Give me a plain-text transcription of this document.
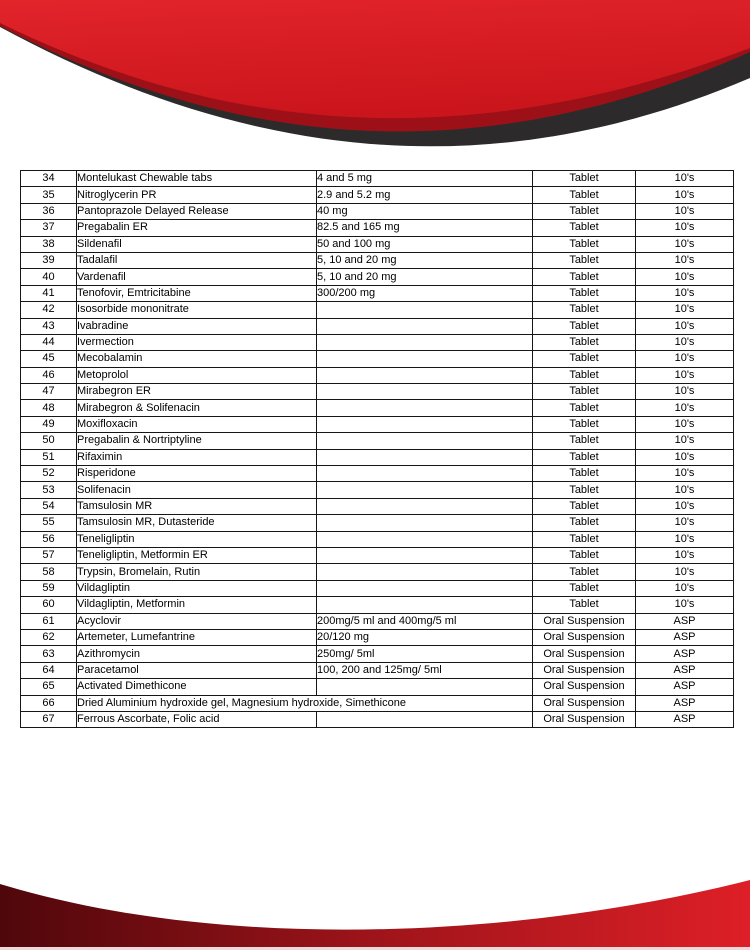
34	Montelukast Chewable tabs	4 and 5 mg	Tablet	10's
35	Nitroglycerin PR	2.9 and 5.2 mg	Tablet	10's
36	Pantoprazole Delayed Release	40 mg	Tablet	10's
37	Pregabalin ER	82.5 and 165 mg	Tablet	10's
38	Sildenafil	50 and 100 mg	Tablet	10's
39	Tadalafil	5, 10 and 20 mg	Tablet	10's
40	Vardenafil	5, 10 and 20 mg	Tablet	10's
41	Tenofovir, Emtricitabine	300/200 mg	Tablet	10's
42	Isosorbide mononitrate		Tablet	10's
43	Ivabradine		Tablet	10's
44	Ivermection		Tablet	10's
45	Mecobalamin		Tablet	10's
46	Metoprolol		Tablet	10's
47	Mirabegron ER		Tablet	10's
48	Mirabegron & Solifenacin		Tablet	10's
49	Moxifloxacin		Tablet	10's
50	Pregabalin & Nortriptyline		Tablet	10's
51	Rifaximin		Tablet	10's
52	Risperidone		Tablet	10's
53	Solifenacin		Tablet	10's
54	Tamsulosin MR		Tablet	10's
55	Tamsulosin MR, Dutasteride		Tablet	10's
56	Teneligliptin		Tablet	10's
57	Teneligliptin, Metformin ER		Tablet	10's
58	Trypsin, Bromelain, Rutin		Tablet	10's
59	Vildagliptin		Tablet	10's
60	Vildagliptin, Metformin		Tablet	10's
61	Acyclovir	200mg/5 ml and 400mg/5 ml	Oral Suspension	ASP
62	Artemeter, Lumefantrine	20/120 mg	Oral Suspension	ASP
63	Azithromycin	250mg/ 5ml	Oral Suspension	ASP
64	Paracetamol	100, 200 and 125mg/ 5ml	Oral Suspension	ASP
65	Activated Dimethicone		Oral Suspension	ASP
66	Dried Aluminium hydroxide gel, Magnesium hydroxide, Simethicone		Oral Suspension	ASP
67	Ferrous Ascorbate, Folic acid		Oral Suspension	ASP
